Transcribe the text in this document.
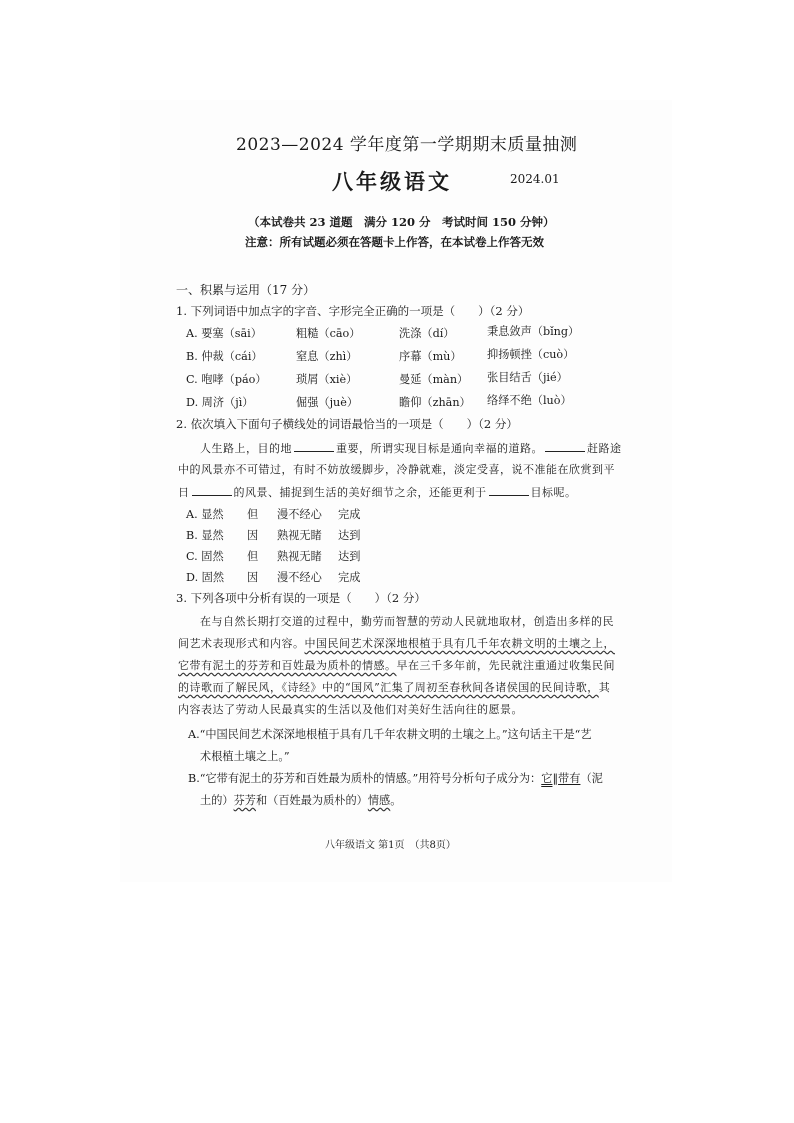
2023—2024 学年度第一学期期末质量抽测
八年级语文	2024.01
（本试卷共 23 道题　满分 120 分　考试时间 150 分钟）
注意：所有试题必须在答题卡上作答，在本试卷上作答无效
一、积累与运用（17 分）
1. 下列词语中加点字的字音、字形完全正确的一项是（　　）（2 分）
A. 要塞（sāi）	粗糙（cāo）	洗涤（dí）	秉息敛声（bǐng）
B. 仲裁（cái）	窒息（zhì）	序幕（mù） 抑扬顿挫（cuò）
C. 咆哮（páo）	琐屑（xiè）	曼延（màn） 张目结舌（jié）
D. 周济（jì）	倔强（juè）	瞻仰（zhān） 络绎不绝（luò）
2. 依次填入下面句子横线处的词语最恰当的一项是（　　）（2 分）
人生路上，目的地	重要，所谓实现目标是通向幸福的道路。	赶路途
中的风景亦不可错过，有时不妨放缓脚步，冷静就难，淡定受喜，说不准能在欣赏到平
日	的风景、捕捉到生活的美好细节之余，还能更利于	目标呢。
A. 显然 但 漫不经心 完成
B. 显然 因 熟视无睹 达到
C. 固然 但 熟视无睹 达到
D. 固然 因 漫不经心 完成
3. 下列各项中分析有误的一项是（　　）（2 分）
在与自然长期打交道的过程中，勤劳而智慧的劳动人民就地取材，创造出多样的民
间艺术表现形式和内容。中国民间艺术深深地根植于具有几千年农耕文明的土壤之上，
它带有泥土的芬芳和百姓最为质朴的情感。早在三千多年前，先民就注重通过收集民间
的诗歌而了解民风，《诗经》中的“国风”汇集了周初至春秋间各诸侯国的民间诗歌，其
内容表达了劳动人民最真实的生活以及他们对美好生活向往的愿景。
A.“中国民间艺术深深地根植于具有几千年农耕文明的土壤之上。”这句话主干是“艺
术根植土壤之上。”
B.“它带有泥土的芬芳和百姓最为质朴的情感。”用符号分析句子成分为：它‖带有（泥
土的）芬芳和（百姓最为质朴的）情感。
八年级语文 第1页　（共8页）
